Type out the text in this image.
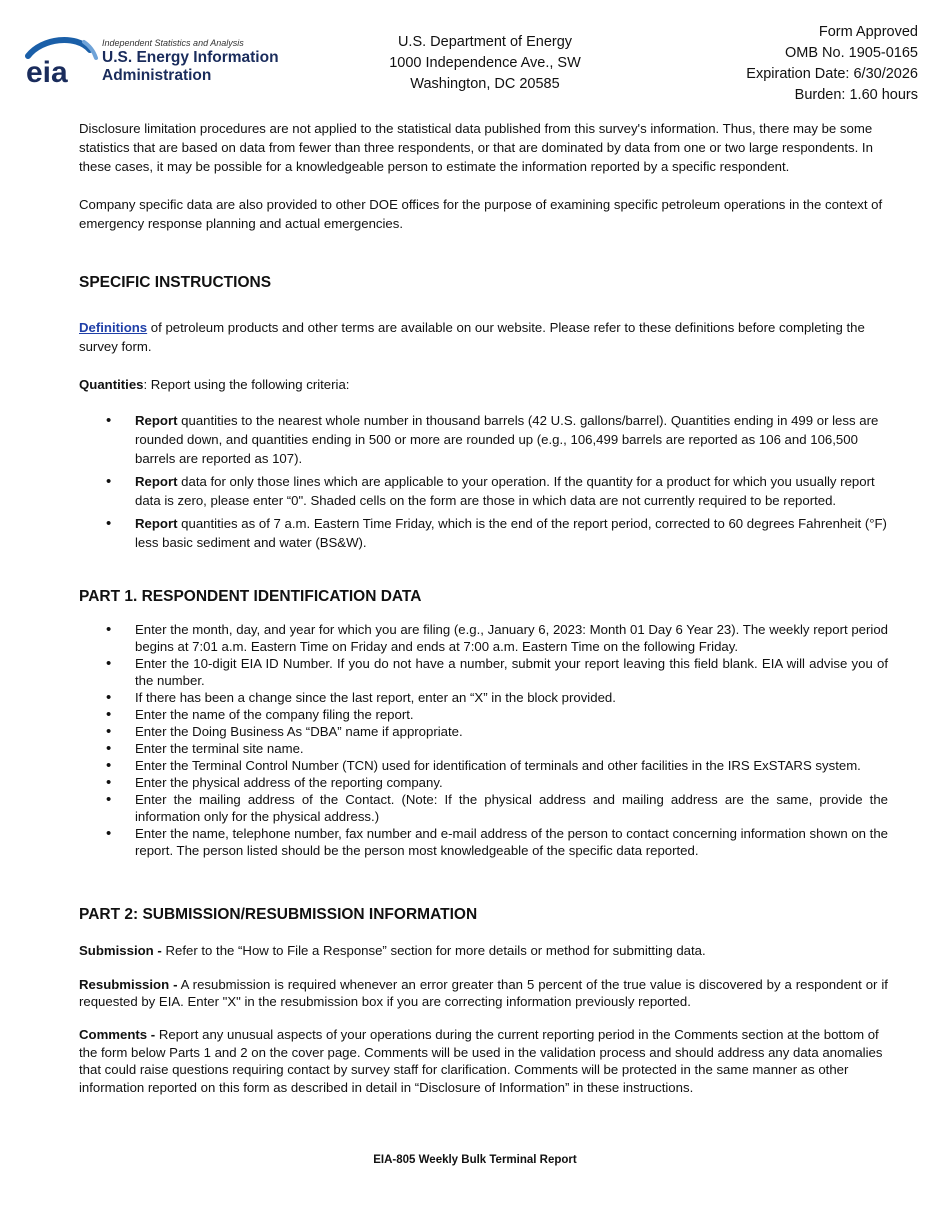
eia
Independent Statistics and Analysis
U.S. Energy Information
Administration
U.S. Department of Energy
1000 Independence Ave., SW
Washington, DC 20585
Form Approved
OMB No. 1905-0165
Expiration Date: 6/30/2026
Burden: 1.60 hours

Disclosure limitation procedures are not applied to the statistical data published from this survey's information. Thus, there may be some statistics that are based on data from fewer than three respondents, or that are dominated by data from one or two large respondents. In these cases, it may be possible for a knowledgeable person to estimate the information reported by a specific respondent.

Company specific data are also provided to other DOE offices for the purpose of examining specific petroleum operations in the context of emergency response planning and actual emergencies.

SPECIFIC INSTRUCTIONS

Definitions of petroleum products and other terms are available on our website. Please refer to these definitions before completing the survey form.

Quantities: Report using the following criteria:

• Report quantities to the nearest whole number in thousand barrels (42 U.S. gallons/barrel). Quantities ending in 499 or less are rounded down, and quantities ending in 500 or more are rounded up (e.g., 106,499 barrels are reported as 106 and 106,500 barrels are reported as 107).
• Report data for only those lines which are applicable to your operation. If the quantity for a product for which you usually report data is zero, please enter “0". Shaded cells on the form are those in which data are not currently required to be reported.
• Report quantities as of 7 a.m. Eastern Time Friday, which is the end of the report period, corrected to 60 degrees Fahrenheit (°F) less basic sediment and water (BS&W).
PART 1. RESPONDENT IDENTIFICATION DATA
• Enter the month, day, and year for which you are filing (e.g., January 6, 2023: Month 01 Day 6 Year 23). The weekly report period begins at 7:01 a.m. Eastern Time on Friday and ends at 7:00 a.m. Eastern Time on the following Friday.
• Enter the 10-digit EIA ID Number. If you do not have a number, submit your report leaving this field blank. EIA will advise you of the number.
• If there has been a change since the last report, enter an “X” in the block provided.
• Enter the name of the company filing the report.
• Enter the Doing Business As “DBA” name if appropriate.
• Enter the terminal site name.
• Enter the Terminal Control Number (TCN) used for identification of terminals and other facilities in the IRS ExSTARS system.
• Enter the physical address of the reporting company.
• Enter the mailing address of the Contact. (Note: If the physical address and mailing address are the same, provide the information only for the physical address.)
• Enter the name, telephone number, fax number and e-mail address of the person to contact concerning information shown on the report. The person listed should be the person most knowledgeable of the specific data reported.
PART 2: SUBMISSION/RESUBMISSION INFORMATION

Submission - Refer to the “How to File a Response” section for more details or method for submitting data.

Resubmission - A resubmission is required whenever an error greater than 5 percent of the true value is discovered by a respondent or if requested by EIA. Enter "X" in the resubmission box if you are correcting information previously reported.

Comments - Report any unusual aspects of your operations during the current reporting period in the Comments section at the bottom of the form below Parts 1 and 2 on the cover page. Comments will be used in the validation process and should address any data anomalies that could raise questions requiring contact by survey staff for clarification. Comments will be protected in the same manner as other information reported on this form as described in detail in “Disclosure of Information” in these instructions.

EIA-805 Weekly Bulk Terminal Report
